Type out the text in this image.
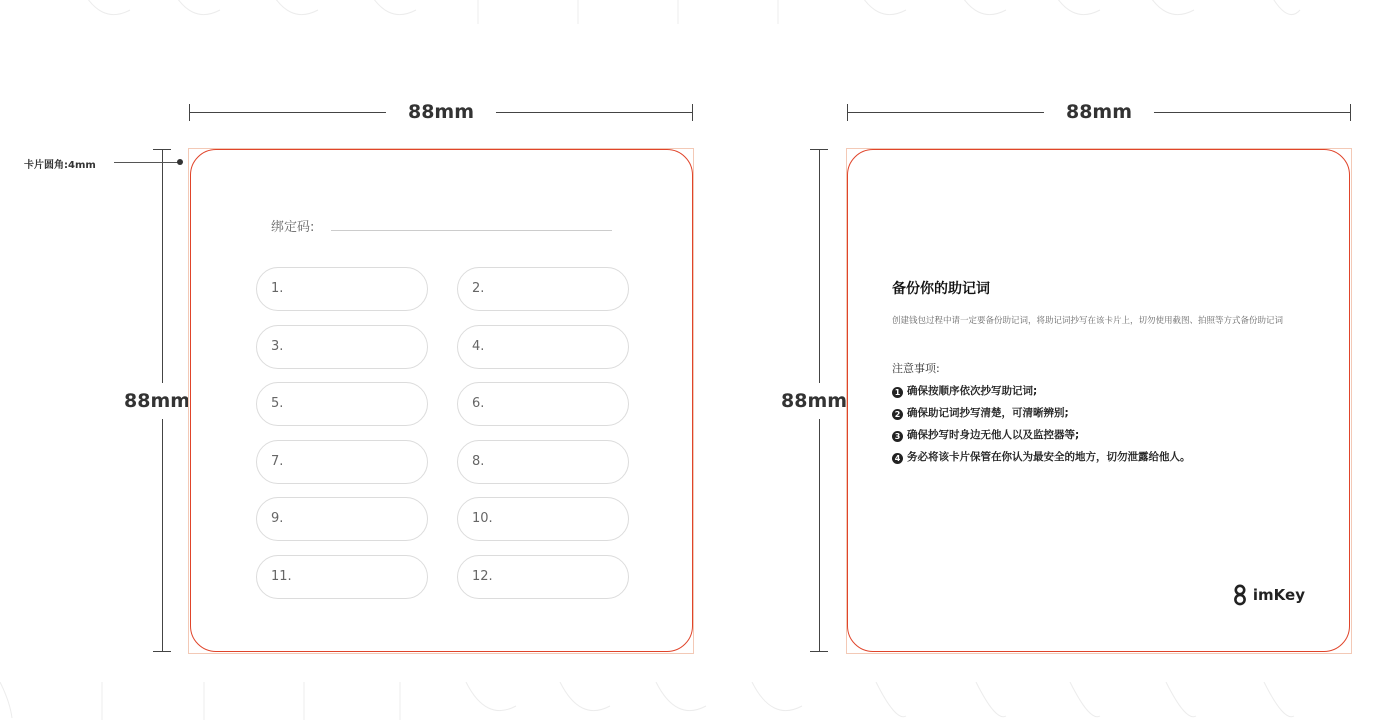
88mm
88mm
卡片圆角:4mm
绑定码:
1.	2.
3.	4.
5.	6.
7.	8.
9.	10.
11.	12.
88mm
88mm
备份你的助记词
创建钱包过程中请一定要备份助记词，将助记词抄写在该卡片上，切勿使用截图、拍照等方式备份助记词
注意事项:
1 确保按顺序依次抄写助记词;
2 确保助记词抄写清楚，可清晰辨别;
3 确保抄写时身边无他人以及监控器等;
4 务必将该卡片保管在你认为最安全的地方，切勿泄露给他人。
imKey
